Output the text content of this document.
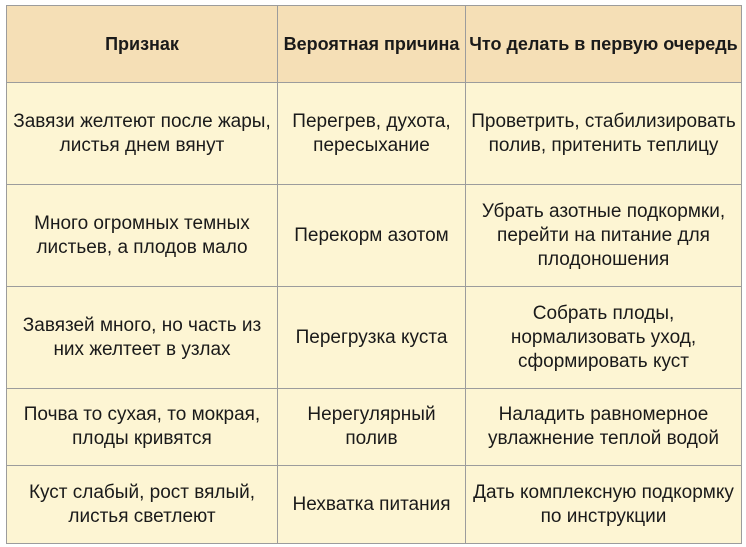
Признак	Вероятная причина	Что делать в первую очередь
Завязи желтеют после жары, листья днем вянут	Перегрев, духота, пересыхание	Проветрить, стабилизировать полив, притенить теплицу
Много огромных темных листьев, а плодов мало	Перекорм азотом	Убрать азотные подкормки, перейти на питание для плодоношения
Завязей много, но часть из них желтеет в узлах	Перегрузка куста	Собрать плоды, нормализовать уход, сформировать куст
Почва то сухая, то мокрая, плоды кривятся	Нерегулярный полив	Наладить равномерное увлажнение теплой водой
Куст слабый, рост вялый, листья светлеют	Нехватка питания	Дать комплексную подкормку по инструкции
